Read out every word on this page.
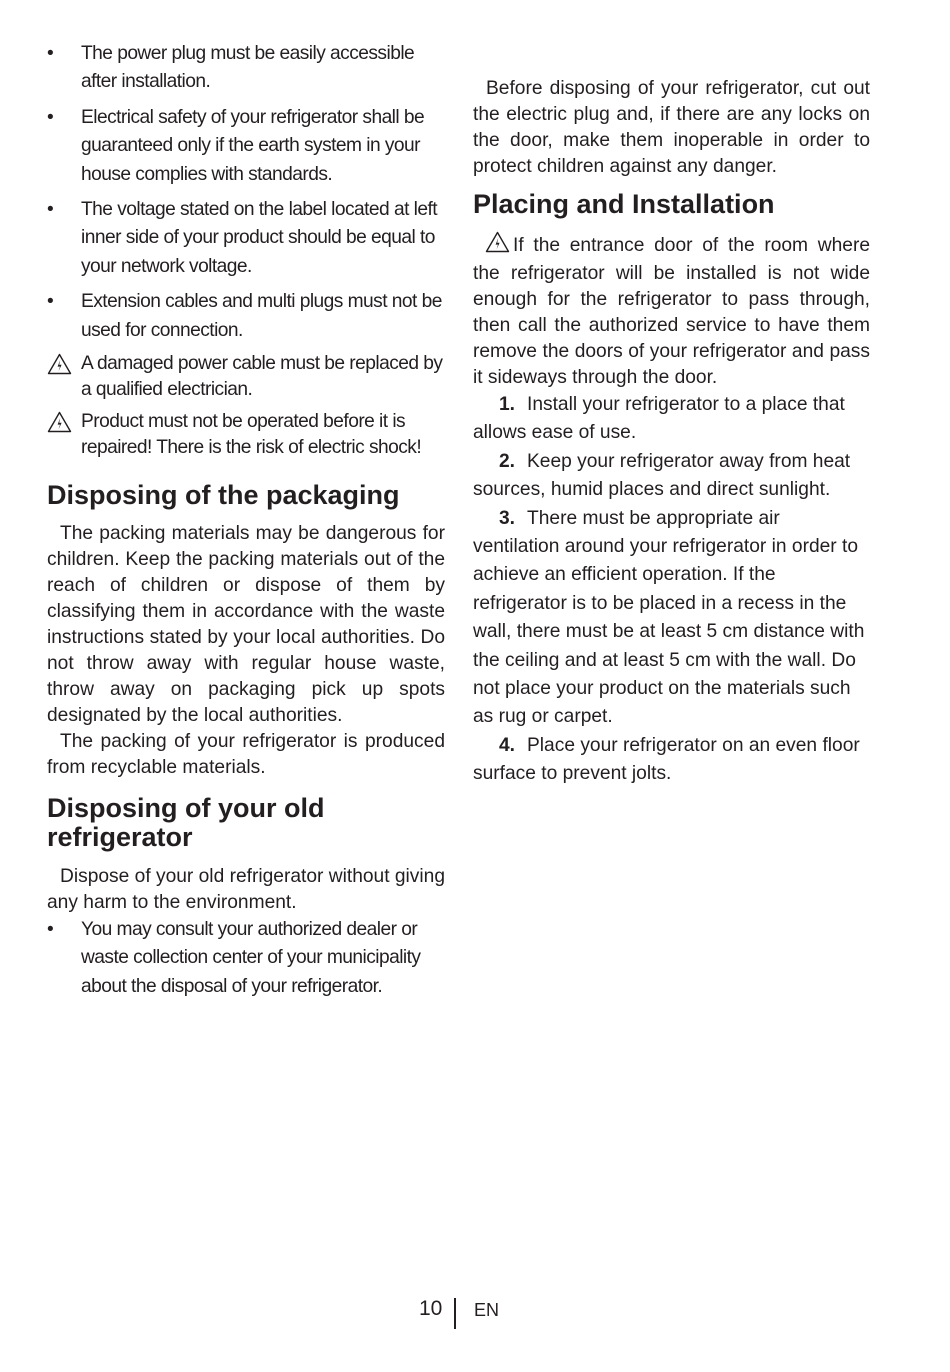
• The power plug must be easily accessible after installation.
• Electrical safety of your refrigerator shall be guaranteed only if the earth system in your house complies with standards.
• The voltage stated on the label located at left inner side of your product should be equal to your network voltage.
• Extension cables and multi plugs must not be used for connection.
A damaged power cable must be replaced by a qualified electrician.
Product must not be operated before it is repaired! There is the risk of electric shock!
Disposing of the packaging

The packing materials may be dangerous for children. Keep the packing materials out of the reach of children or dispose of them by classifying them in accordance with the waste instructions stated by your local authorities. Do not throw away with regular house waste, throw away on packaging pick up spots designated by the local authorities.

The packing of your refrigerator is produced from recyclable materials.

Disposing of your old refrigerator

Dispose of your old refrigerator without giving any harm to the environment.

• You may consult your authorized dealer or waste collection center of your municipality about the disposal of your refrigerator.

Before disposing of your refrigerator, cut out the electric plug and, if there are any locks on the door, make them inoperable in order to protect children against any danger.

Placing and Installation

If the entrance door of the room where the refrigerator will be installed is not wide enough for the refrigerator to pass through, then call the authorized service to have them remove the doors of your refrigerator and pass it sideways through the door.

1. Install your refrigerator to a place that allows ease of use.

2. Keep your refrigerator away from heat sources, humid places and direct sunlight.

3. There must be appropriate air ventilation around your refrigerator in order to achieve an efficient operation. If the refrigerator is to be placed in a recess in the wall, there must be at least 5 cm distance with the ceiling and at least 5 cm with the wall. Do not place your product on the materials such as rug or carpet.

4. Place your refrigerator on an even floor surface to prevent jolts.

10 EN
